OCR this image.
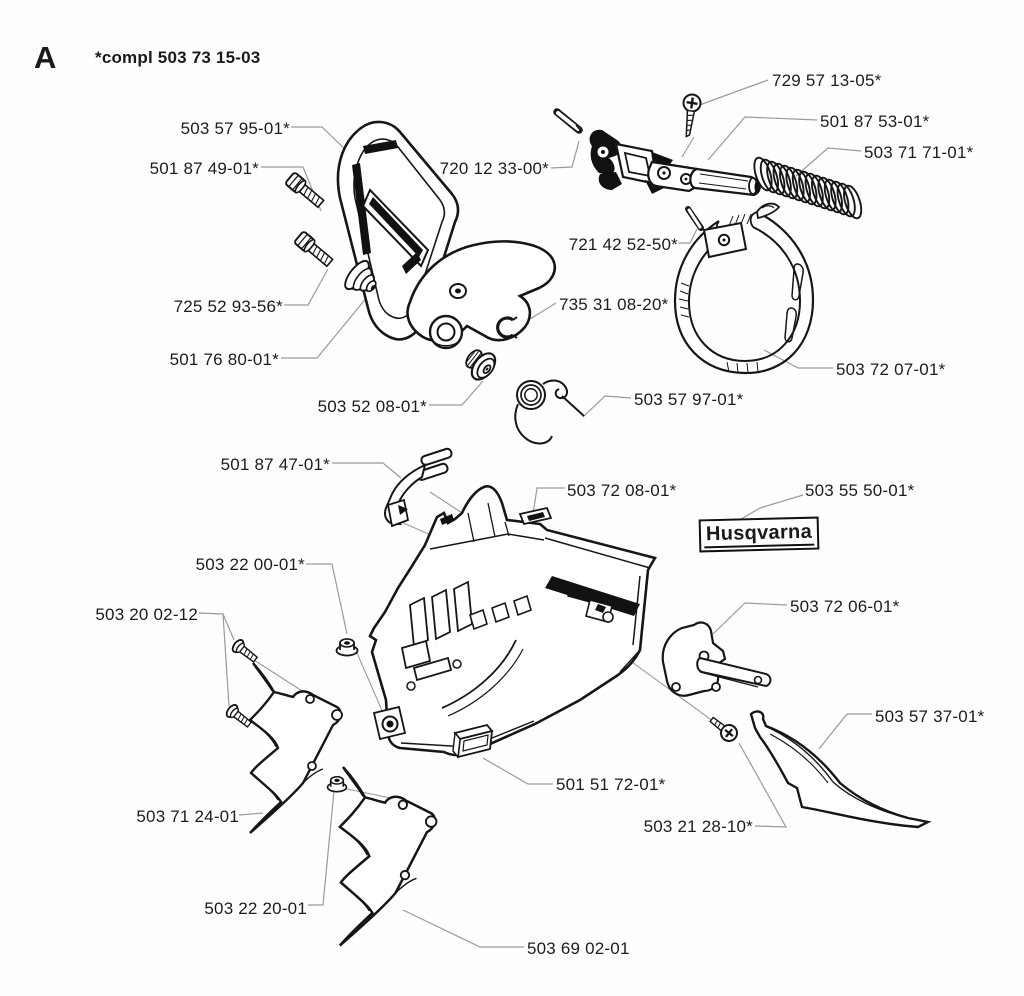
A *compl 503 73 15-03
729 57 13-05*
503 57 95-01*	501 87 53-01*
720 12 33-00*
503 71 71-01*
501 87 49-01*
721 42 52-50*
725 52 93-56*	735 31 08-20*
501 76 80-01*
503 72 07-01*
503 52 08-01*	503 57 97-01*
501 87 47-01*
503 72 08-01*	503 55 50-01*
503 22 00-01*
503 20 02-12	503 72 06-01*
503 57 37-01*
501 51 72-01*
503 71 24-01
503 21 28-10*
503 22 20-01
503 69 02-01
Husqvarna
